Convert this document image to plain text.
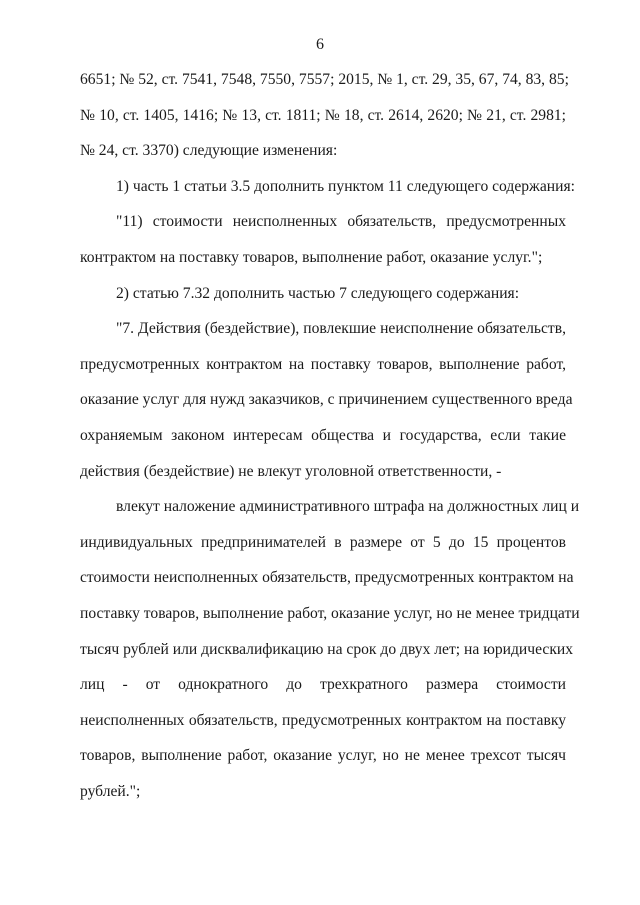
6
6651; № 52, ст. 7541, 7548, 7550, 7557; 2015, № 1, ст. 29, 35, 67, 74, 83, 85;
№ 10, ст. 1405, 1416; № 13, ст. 1811; № 18, ст. 2614, 2620; № 21, ст. 2981;
№ 24, ст. 3370) следующие изменения:
1) часть 1 статьи 3.5 дополнить пунктом 11 следующего содержания:
"11) стоимости неисполненных обязательств, предусмотренных
контрактом на поставку товаров, выполнение работ, оказание услуг.";
2) статью 7.32 дополнить частью 7 следующего содержания:
"7. Действия (бездействие), повлекшие неисполнение обязательств,
предусмотренных контрактом на поставку товаров, выполнение работ,
оказание услуг для нужд заказчиков, с причинением существенного вреда
охраняемым законом интересам общества и государства, если такие
действия (бездействие) не влекут уголовной ответственности, -
влекут наложение административного штрафа на должностных лиц и
индивидуальных предпринимателей в размере от 5 до 15 процентов
стоимости неисполненных обязательств, предусмотренных контрактом на
поставку товаров, выполнение работ, оказание услуг, но не менее тридцати
тысяч рублей или дисквалификацию на срок до двух лет; на юридических
лиц - от однократного до трехкратного размера стоимости
неисполненных обязательств, предусмотренных контрактом на поставку
товаров, выполнение работ, оказание услуг, но не менее трехсот тысяч
рублей.";
